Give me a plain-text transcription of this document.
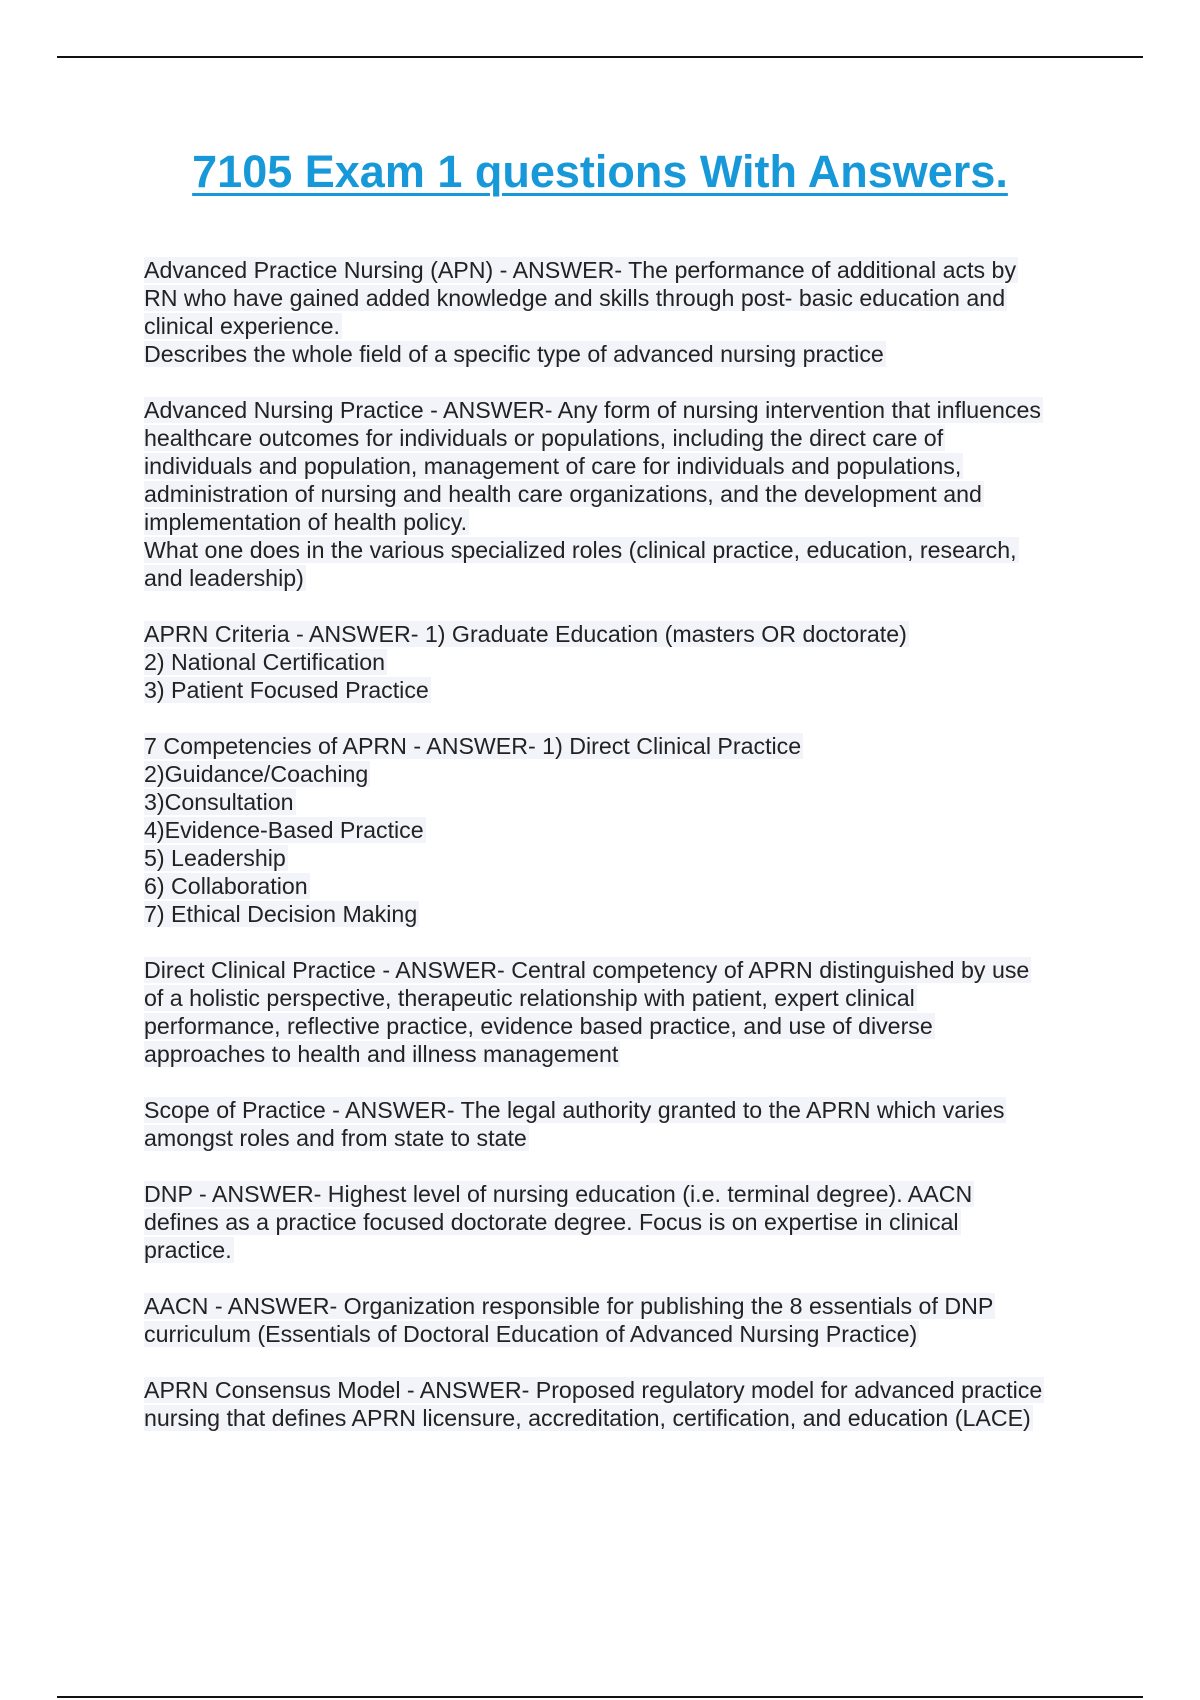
7105 Exam 1 questions With Answers.
Advanced Practice Nursing (APN) - ANSWER- The performance of additional acts by
RN who have gained added knowledge and skills through post- basic education and
clinical experience.
Describes the whole field of a specific type of advanced nursing practice
Advanced Nursing Practice - ANSWER- Any form of nursing intervention that influences
healthcare outcomes for individuals or populations, including the direct care of
individuals and population, management of care for individuals and populations,
administration of nursing and health care organizations, and the development and
implementation of health policy.
What one does in the various specialized roles (clinical practice, education, research,
and leadership)
APRN Criteria - ANSWER- 1) Graduate Education (masters OR doctorate)
2) National Certification
3) Patient Focused Practice
7 Competencies of APRN - ANSWER- 1) Direct Clinical Practice
2)Guidance/Coaching
3)Consultation
4)Evidence-Based Practice
5) Leadership
6) Collaboration
7) Ethical Decision Making
Direct Clinical Practice - ANSWER- Central competency of APRN distinguished by use
of a holistic perspective, therapeutic relationship with patient, expert clinical
performance, reflective practice, evidence based practice, and use of diverse
approaches to health and illness management
Scope of Practice - ANSWER- The legal authority granted to the APRN which varies
amongst roles and from state to state
DNP - ANSWER- Highest level of nursing education (i.e. terminal degree). AACN
defines as a practice focused doctorate degree. Focus is on expertise in clinical
practice.
AACN - ANSWER- Organization responsible for publishing the 8 essentials of DNP
curriculum (Essentials of Doctoral Education of Advanced Nursing Practice)
APRN Consensus Model - ANSWER- Proposed regulatory model for advanced practice
nursing that defines APRN licensure, accreditation, certification, and education (LACE)
